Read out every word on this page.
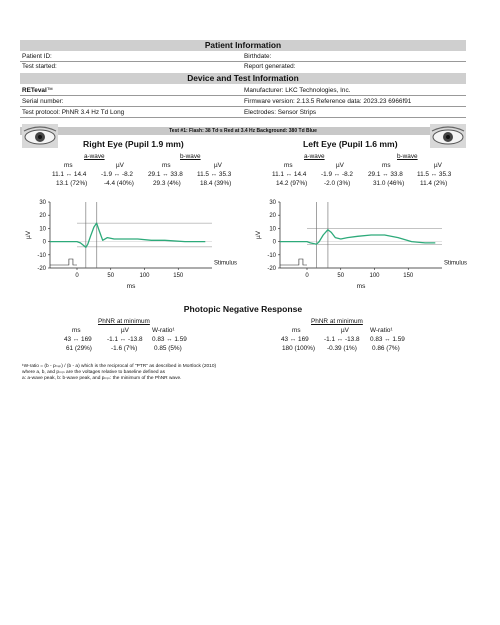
Patient Information
Patient ID:	Birthdate:
Test started:	Report generated:
Device and Test Information
RETeval™	Manufacturer: LKC Technologies, Inc.
Serial number:	Firmware version: 2.13.5 Reference data: 2023.23 6966f91
Test protocol: PhNR 3.4 Hz Td Long	Electrodes: Sensor Strips
Test #1: Flash: 38 Td·s Red at 3.4 Hz Background: 380 Td Blue
Right Eye (Pupil 1.9 mm)	Left Eye (Pupil 1.6 mm)
a-wave	b-wave
ms	µV	ms	µV
11.1 ↔ 14.4 -1.9 ↔ -8.2 29.1 ↔ 33.8 11.5 ↔ 35.3
13.1 (72%)	-4.4 (40%)	29.3 (4%)	18.4 (39%)
a-wave	b-wave
ms	µV	ms	µV
11.1 ↔ 14.4 -1.9 ↔ -8.2 29.1 ↔ 33.8 11.5 ↔ 35.3
14.2 (97%)	-2.0 (3%)	31.0 (46%) 11.4 (2%)
30
20
10
0
-10
-20
0	50	100	150
µV
ms
Stimulus
30
20
10
0
-10
-20
0	50	100	150
µV
ms
Stimulus
Photopic Negative Response
PhNR at minimum
ms	µV	W-ratio¹
43 ↔ 169 -1.1 ↔ -13.8 0.83 ↔ 1.59
61 (29%)	-1.6 (7%)	0.85 (5%)
PhNR at minimum
ms	µV	W-ratio¹
43 ↔ 169 -1.1 ↔ -13.8 0.83 ↔ 1.59
180 (100%) -0.39 (1%) 0.86 (7%)
¹W-ratio = (b - pₘᵢₙ) / (b - a) which is the reciprocal of "PTR" as described in Mortlock (2010)
where a, b, and pₘᵢₙ are the voltages relative to baseline defined as
a: a-wave peak, b: b-wave peak, and pₘᵢₙ: the minimum of the PhNR wave.
